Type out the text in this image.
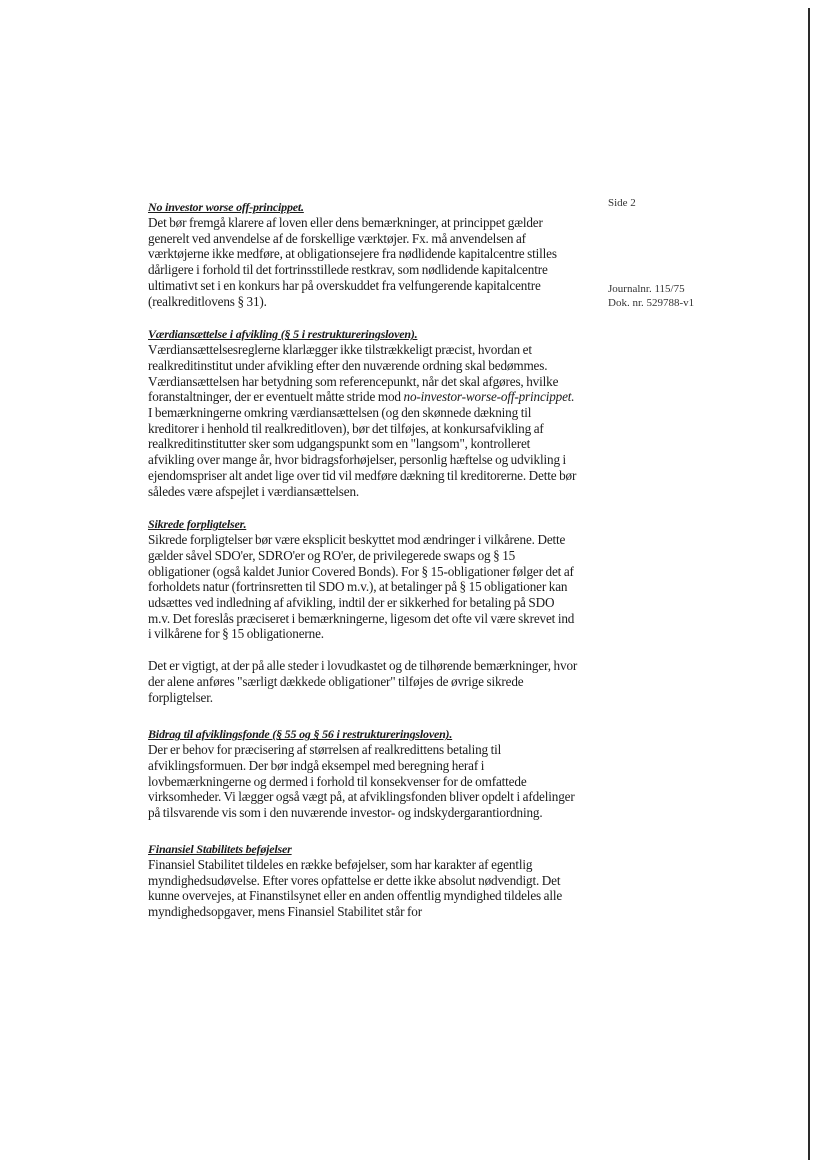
Side 2
Journalnr. 115/75
Dok. nr. 529788-v1
No investor worse off-princippet.

Det bør fremgå klarere af loven eller dens bemærkninger, at princippet gælder generelt ved anvendelse af de forskellige værktøjer. Fx. må anvendelsen af værktøjerne ikke medføre, at obligationsejere fra nødlidende kapitalcentre stilles dårligere i forhold til det fortrinsstillede restkrav, som nødlidende kapitalcentre ultimativt set i en konkurs har på overskuddet fra velfungerende kapitalcentre (realkreditlovens § 31).

Værdiansættelse i afvikling (§ 5 i restruktureringsloven).

Værdiansættelsesreglerne klarlægger ikke tilstrækkeligt præcist, hvordan et realkreditinstitut under afvikling efter den nuværende ordning skal bedømmes. Værdiansættelsen har betydning som referencepunkt, når det skal afgøres, hvilke foranstaltninger, der er eventuelt måtte stride mod no-investor-worse-off-princippet. I bemærkningerne omkring værdiansættelsen (og den skønnede dækning til kreditorer i henhold til realkreditloven), bør det tilføjes, at konkursafvikling af realkreditinstitutter sker som udgangspunkt som en "langsom", kontrolleret afvikling over mange år, hvor bidragsforhøjelser, personlig hæftelse og udvikling i ejendomspriser alt andet lige over tid vil medføre dækning til kreditorerne. Dette bør således være afspejlet i værdiansættelsen.

Sikrede forpligtelser.

Sikrede forpligtelser bør være eksplicit beskyttet mod ændringer i vilkårene. Dette gælder såvel SDO'er, SDRO'er og RO'er, de privilegerede swaps og § 15 obligationer (også kaldet Junior Covered Bonds). For § 15-obligationer følger det af forholdets natur (fortrinsretten til SDO m.v.), at betalinger på § 15 obligationer kan udsættes ved indledning af afvikling, indtil der er sikkerhed for betaling på SDO m.v. Det foreslås præciseret i bemærkningerne, ligesom det ofte vil være skrevet ind i vilkårene for § 15 obligationerne.

Det er vigtigt, at der på alle steder i lovudkastet og de tilhørende bemærkninger, hvor der alene anføres "særligt dækkede obligationer" tilføjes de øvrige sikrede forpligtelser.

Bidrag til afviklingsfonde (§ 55 og § 56 i restruktureringsloven).

Der er behov for præcisering af størrelsen af realkredittens betaling til afviklingsformuen. Der bør indgå eksempel med beregning heraf i lovbemærkningerne og dermed i forhold til konsekvenser for de omfattede virksomheder. Vi lægger også vægt på, at afviklingsfonden bliver opdelt i afdelinger på tilsvarende vis som i den nuværende investor- og indskydergarantiordning.

Finansiel Stabilitets beføjelser

Finansiel Stabilitet tildeles en række beføjelser, som har karakter af egentlig myndighedsudøvelse. Efter vores opfattelse er dette ikke absolut nødvendigt. Det kunne overvejes, at Finanstilsynet eller en anden offentlig myndighed tildeles alle myndighedsopgaver, mens Finansiel Stabilitet står for
